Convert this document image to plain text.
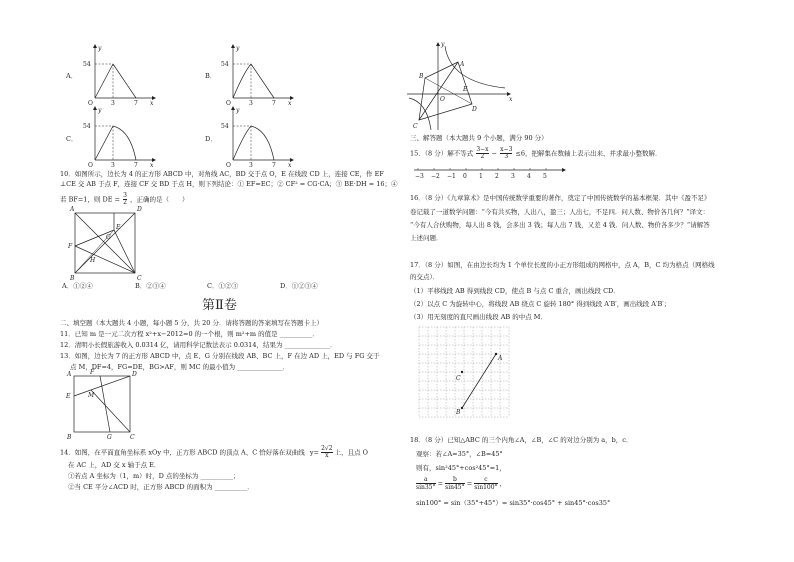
A．
y
54
O	3	7 x
B．
y
54
O	3	7 x
C．
y
54
O	3	7 x
D．
y
54
O	3	7 x
10．如图所示，边长为 4 的正方形 ABCD 中，对角线 AC，BD 交于点 O，E 在线段 CD 上，连接 CE，作 EF
⊥CE 交 AB 于点 F，连接 CF 交 BD 于点 H，则下列结论：① EF=EC；② CF² = CG·CA；③ BE·DH = 16；④
若 BF=1，则 DE = $\frac{3}{2}$ ，正确的是（　　）
A	D
E
G
F
H
B	C
A．①②④	B．②③④	C．①②③	D．①②③④
第Ⅱ卷
二、填空题（本大题共 4 小题，每小题 5 分，共 20 分．请将答题的答案填写在答题卡上）
11．已知 m 是一元二次方程 x²+x−2012=0 的一个根，则 m²+m 的值是 __________．
12．清明小长假旅游收入 0.0314 亿，请用科学记数法表示 0.0314，结果为 ______________．
13．如图，边长为 7 的正方形 ABCD 中，点 E、G 分别在线段 AB、BC 上，F 在边 AD 上，ED 与 FG 交于
点 M，DF=4，FG=DE，BG>AF，则 MC 的最小值为 ______________．
F
A	D
E	M
B	G	C
14．如图，在平面直角坐标系 xOy 中，正方形 ABCD 的顶点 A、C 恰好落在双曲线 $y= \frac{2√2}{x}$ 上，且点 O
在 AC 上，AD 交 x 轴于点 E．
①若点 A 坐标为（1，m）时，D 点的坐标为 __________；
②当 CE 平分∠ACD 时，正方形 ABCD 的面积为 __________．
y
B
A
O
E
x
C
D
三、解答题（本大题共 9 个小题，满分 90 分）
15．（8 分）解不等式 $\frac{3-x}{2} - \frac{x-3}{3} \le 6$，把解集在数轴上表示出来，并求最小整数解．
−3 −2 −1 0 1 2 3 4 5
16．（8 分）《九章算术》是中国传统数学重要的著作，奠定了中国传统数学的基本框架．其中《盈不足》
卷记载了一道数学问题：“今有共买物，人出八，盈三；人出七，不足四．问人数、物价各几何？”译文：
“今有人合伙购物，每人出 8 钱，会多出 3 钱；每人出 7 钱，又差 4 钱．问人数、物价各多少？”请解答
上述问题．
17．（8 分）如图，在由边长均为 1 个单位长度的小正方形组成的网格中，点 A，B，C 均为格点（网格线
的交点）．
（1）平移线段 AB 得到线段 CD，使点 B 与点 C 重合，画出线段 CD．
（2）以点 C 为旋转中心，将线段 AB 绕点 C 旋转 180° 得到线段 A′B′，画出线段 A′B′；
（3）用无刻度的直尺画出线段 AB 的中点 M．
A
B
C
18．（8 分）已知△ABC 的三个内角∠A，∠B，∠C 的对边分别为 a，b，c．
观察：若∠A=35°，∠B=45°
则有，sin²45°+cos²45°=1，
$\frac{a}{\sin 35^\circ} = \frac{b}{\sin 45^\circ} = \frac{c}{\sin 100^\circ}$ ，
sin100° = sin（35°+45°）= sin35°·cos45° + sin45°·cos35°
